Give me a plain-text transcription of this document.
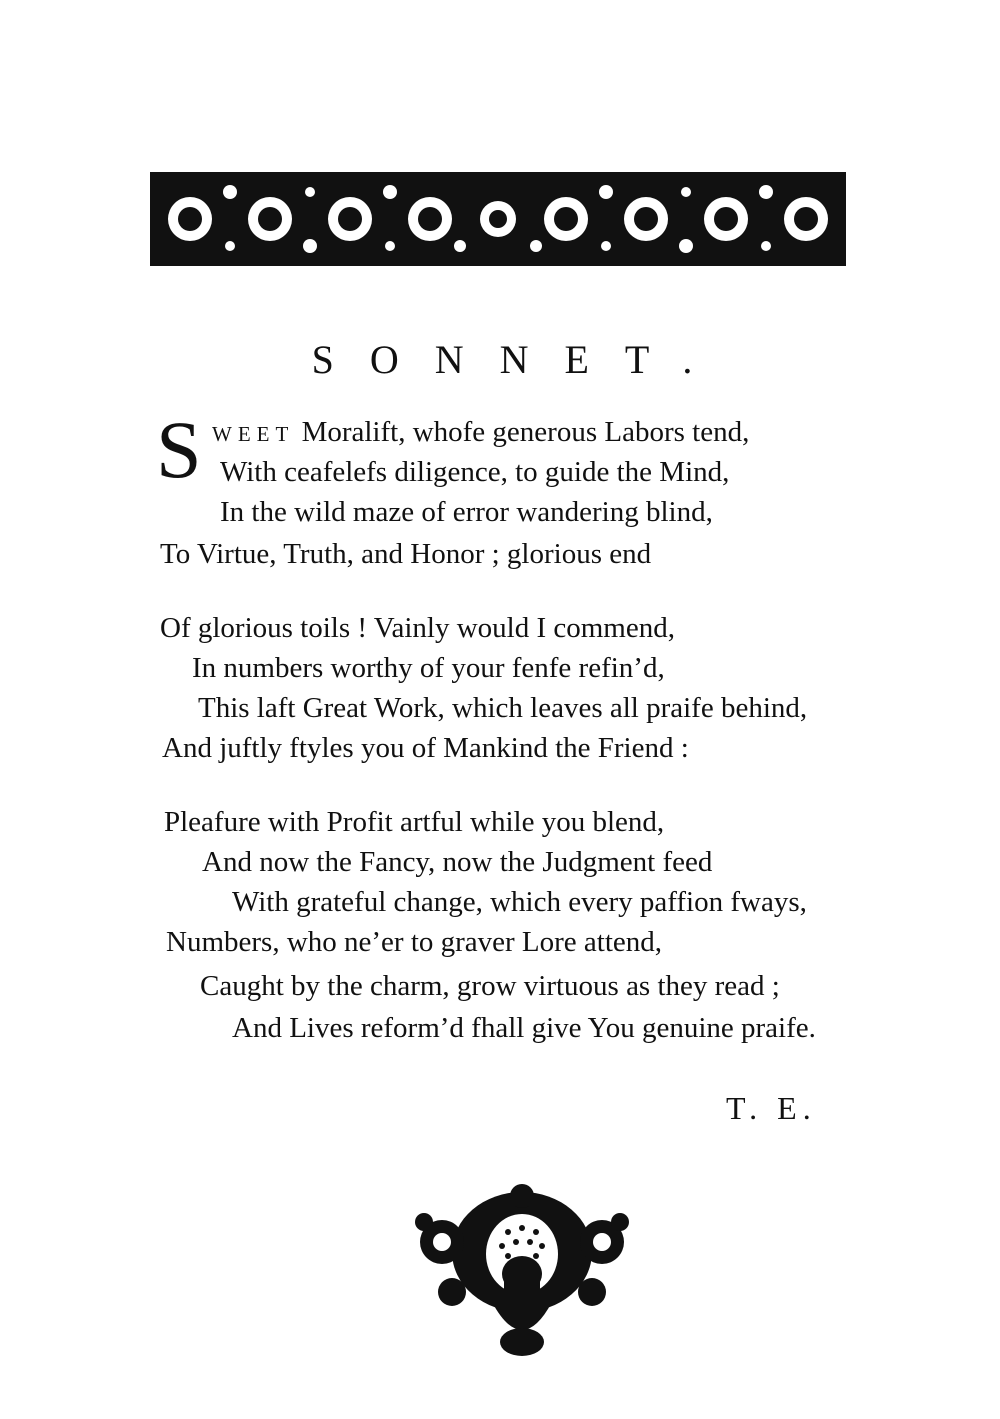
SONNET.
S WEET Moralift, whofe generous Labors tend,
With ceafelefs diligence, to guide the Mind,
In the wild maze of error wandering blind,
To Virtue, Truth, and Honor ; glorious end
Of glorious toils ! Vainly would I commend,
In numbers worthy of your fenfe refin’d,
This laft Great Work, which leaves all praife behind,
And juftly ftyles you of Mankind the Friend :
Pleafure with Profit artful while you blend,
And now the Fancy, now the Judgment feed
With grateful change, which every paffion fways,
Numbers, who ne’er to graver Lore attend,
Caught by the charm, grow virtuous as they read ;
And Lives reform’d fhall give You genuine praife.
T. E.
